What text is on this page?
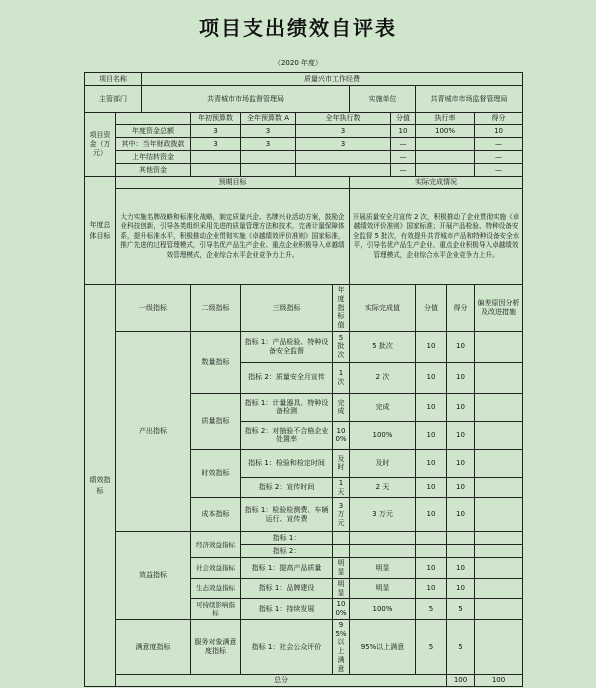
项目支出绩效自评表
（2020 年度）
项目名称		质量兴市工作经费										
主管部门		共青城市市场监督管理局					实施单位		共青城市市场监督管理局			
项目资金（万元）			年初预算数	全年预算数 A	全年执行数			分值	执行率		得分	
	年度资金总额		3	3	3			10	100%		10	
	其中：当年财政拨款		3	3	3			—			—	
	上年结转资金							—			—	
	其他资金							—			—	
年度总体目标	预期目标						实际完成情况					
	大力实施名牌战略和标准化战略，制定质量兴企、名牌兴业活动方案，鼓励企业科技创新，引导各类组织采用先进的质量管理方法和技术，完善计量保障体系，提升标准水平，积极推动企业贯彻实施《卓越绩效评价准则》国家标准，推广先进的过程管理模式，引导名优产品生产企业、重点企业积极导入卓越绩效管理模式，企业综合水平企业竞争力上升。						开展质量安全月宣传 2 次，积极推动了企业贯彻实施《卓越绩效评价准则》国家标准；开展产品检验、特种设备安全监督 5 批次，有效提升共青城市产品和特种设备安全水平，引导名优产品生产企业、重点企业积极导入卓越绩效管理模式，企业综合水平企业竞争力上升。					
绩效指标	一级指标		二级指标	三级指标		年度指标值	实际完成值		分值	得分	偏差原因分析及改进措施	
	产出指标		数量指标	指标 1：产品检验、特种设备安全监督		5 批次	5 批次		10	10		
				指标 2：质量安全月宣传		1 次	2 次		10	10		
			质量指标	指标 1：计量器具、特种设备检测		完成	完成		10	10		
				指标 2：对抽验不合格企业处置率		100%	100%		10	10		
			时效指标	指标 1：检验和检定时间		及时	及时		10	10		
				指标 2：宣传时间		1 天	2 天		10	10		
			成本指标	指标 1：检验检测费、车辆运行、宣传费		3 万元	3 万元		10	10		
	效益指标		经济效益指标	指标 1：								
				指标 2：								
			社会效益指标	指标 1：提高产品质量		明显	明显		10	10		
			生态效益指标	指标 1：品牌建设		明显	明显		10	10		
			可持续影响指标	指标 1：持续发展		100%	100%		5	5		
	满意度指标		服务对象满意度指标	指标 1：社会公众评价		95%以上满意	95%以上满意		5	5		
	总分									100	100	
